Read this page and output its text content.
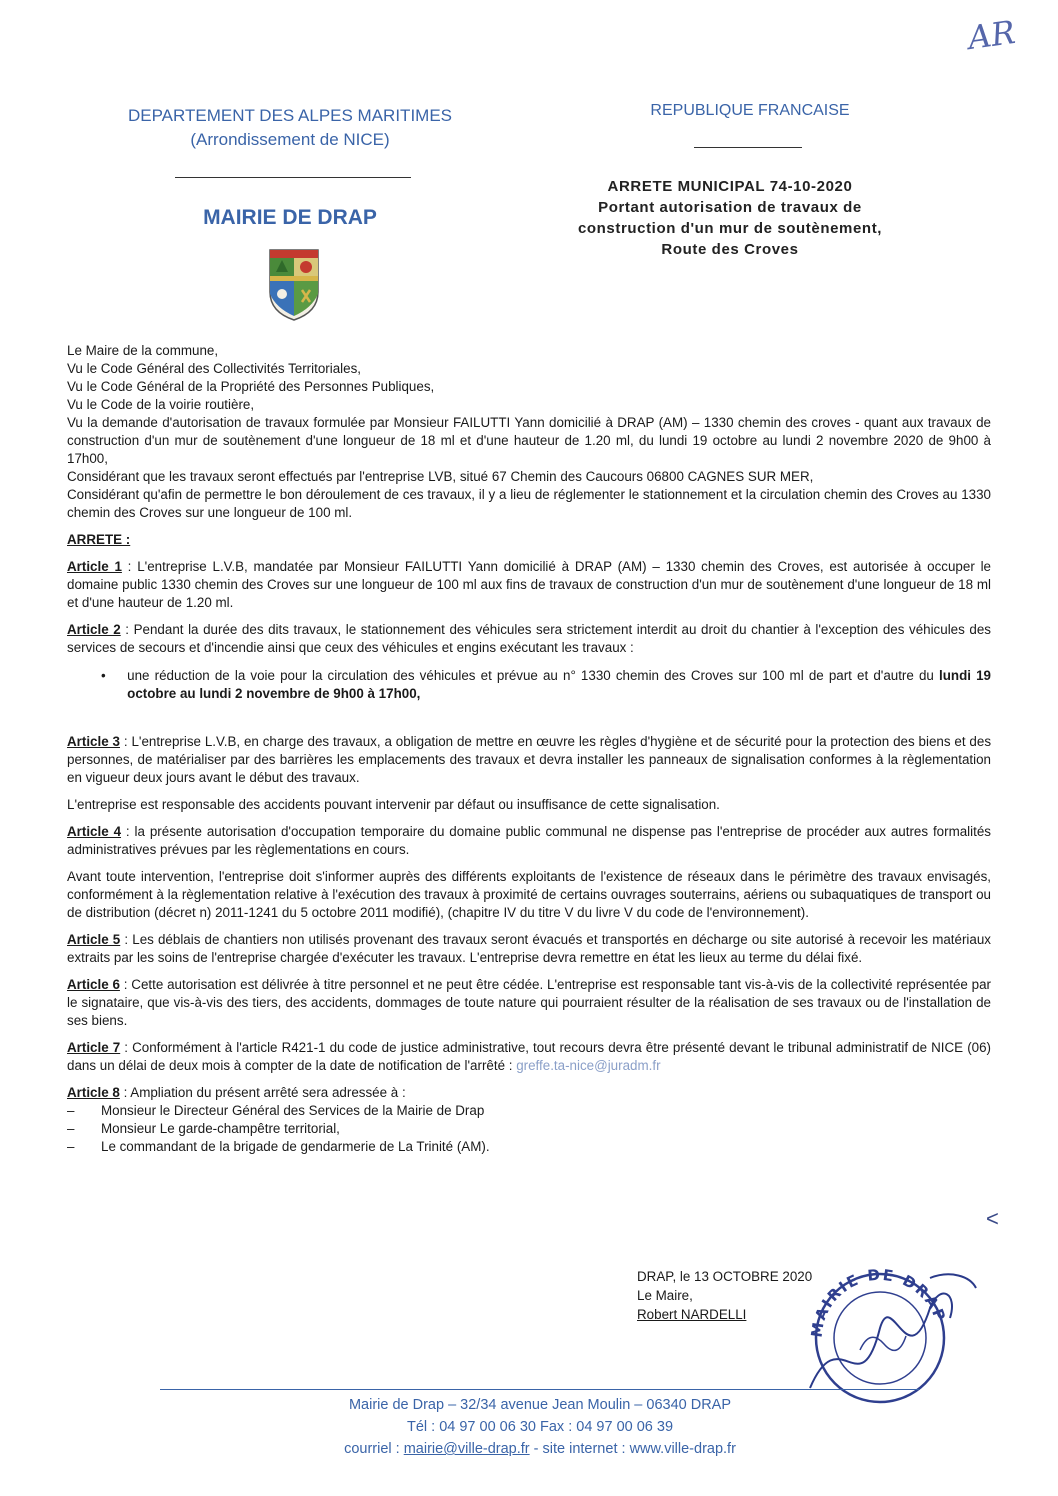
DEPARTEMENT DES ALPES MARITIMES
(Arrondissement de NICE)
MAIRIE DE DRAP
REPUBLIQUE FRANCAISE
ARRETE MUNICIPAL 74-10-2020
Portant autorisation de travaux de construction d'un mur de soutènement, Route des Croves
AR

Le Maire de la commune,

Vu le Code Général des Collectivités Territoriales,

Vu le Code Général de la Propriété des Personnes Publiques,

Vu le Code de la voirie routière,

Vu la demande d'autorisation de travaux formulée par Monsieur FAILUTTI Yann domicilié à DRAP (AM) – 1330 chemin des croves - quant aux travaux de construction d'un mur de soutènement d'une longueur de 18 ml et d'une hauteur de 1.20 ml, du lundi 19 octobre au lundi 2 novembre 2020 de 9h00 à 17h00,

Considérant que les travaux seront effectués par l'entreprise LVB, situé 67 Chemin des Caucours 06800 CAGNES SUR MER,

Considérant qu'afin de permettre le bon déroulement de ces travaux, il y a lieu de réglementer le stationnement et la circulation chemin des Croves au 1330 chemin des Croves sur une longueur de 100 ml.

ARRETE :

Article 1 : L'entreprise L.V.B, mandatée par Monsieur FAILUTTI Yann domicilié à DRAP (AM) – 1330 chemin des Croves, est autorisée à occuper le domaine public 1330 chemin des Croves sur une longueur de 100 ml aux fins de travaux de construction d'un mur de soutènement d'une longueur de 18 ml et d'une hauteur de 1.20 ml.

Article 2 : Pendant la durée des dits travaux, le stationnement des véhicules sera strictement interdit au droit du chantier à l'exception des véhicules des services de secours et d'incendie ainsi que ceux des véhicules et engins exécutant les travaux :

•	une réduction de la voie pour la circulation des véhicules et prévue au n° 1330 chemin des Croves sur 100 ml de part et d'autre du lundi 19 octobre au lundi 2 novembre de 9h00 à 17h00,

Article 3 : L'entreprise L.V.B, en charge des travaux, a obligation de mettre en œuvre les règles d'hygiène et de sécurité pour la protection des biens et des personnes, de matérialiser par des barrières les emplacements des travaux et devra installer les panneaux de signalisation conformes à la règlementation en vigueur deux jours avant le début des travaux.

L'entreprise est responsable des accidents pouvant intervenir par défaut ou insuffisance de cette signalisation.

Article 4 : la présente autorisation d'occupation temporaire du domaine public communal ne dispense pas l'entreprise de procéder aux autres formalités administratives prévues par les règlementations en cours.

Avant toute intervention, l'entreprise doit s'informer auprès des différents exploitants de l'existence de réseaux dans le périmètre des travaux envisagés, conformément à la règlementation relative à l'exécution des travaux à proximité de certains ouvrages souterrains, aériens ou subaquatiques de transport ou de distribution (décret n) 2011-1241 du 5 octobre 2011 modifié), (chapitre IV du titre V du livre V du code de l'environnement).

Article 5 : Les déblais de chantiers non utilisés provenant des travaux seront évacués et transportés en décharge ou site autorisé à recevoir les matériaux extraits par les soins de l'entreprise chargée d'exécuter les travaux. L'entreprise devra remettre en état les lieux au terme du délai fixé.

Article 6 : Cette autorisation est délivrée à titre personnel et ne peut être cédée. L'entreprise est responsable tant vis-à-vis de la collectivité représentée par le signataire, que vis-à-vis des tiers, des accidents, dommages de toute nature qui pourraient résulter de la réalisation de ses travaux ou de l'installation de ses biens.

Article 7 : Conformément à l'article R421-1 du code de justice administrative, tout recours devra être présenté devant le tribunal administratif de NICE (06) dans un délai de deux mois à compter de la date de notification de l'arrêté : greffe.ta-nice@juradm.fr

Article 8 : Ampliation du présent arrêté sera adressée à :

–	Monsieur le Directeur Général des Services de la Mairie de Drap
–	Monsieur Le garde-champêtre territorial,
–	Le commandant de la brigade de gendarmerie de La Trinité (AM).
<
DRAP, le 13 OCTOBRE 2020
Le Maire,
Robert NARDELLI
MAIRIE DE DRAP
Mairie de Drap – 32/34 avenue Jean Moulin – 06340 DRAP
Tél : 04 97 00 06 30 Fax : 04 97 00 06 39
courriel : mairie@ville-drap.fr - site internet : www.ville-drap.fr
